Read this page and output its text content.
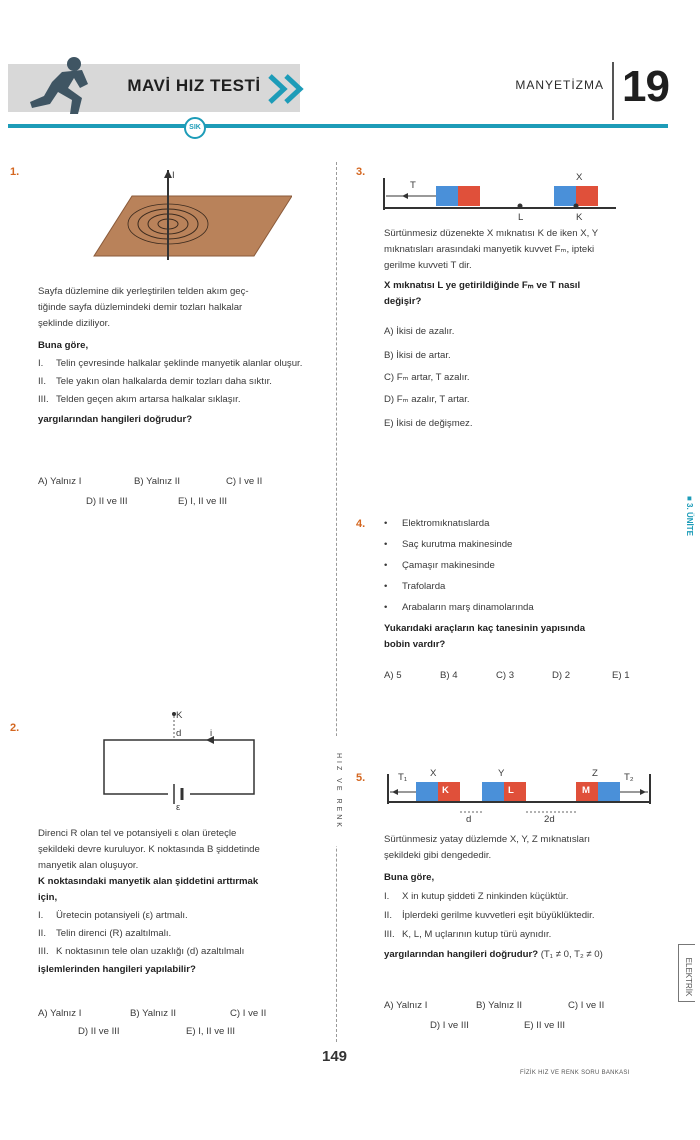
MAVİ HIZ TESTİ
SIK
MANYETİZMA 19
HIZ VE RENK
1.	I

Sayfa düzlemine dik yerleştirilen telden akım geç-

tiğinde sayfa düzlemindeki demir tozları halkalar

şeklinde diziliyor.

Buna göre,

I.	Telin çevresinde halkalar şeklinde manyetik alanlar oluşur.
II.	Tele yakın olan halkalarda demir tozları daha sıktır.
III. Telden geçen akım artarsa halkalar sıklaşır.

yargılarından hangileri doğrudur?

A) Yalnız I	B) Yalnız II	C) I ve II
D) II ve III	E) I, II ve III
2.
K
d	i
ε

Direnci R olan tel ve potansiyeli ε olan üreteçle

şekildeki devre kuruluyor. K noktasında B şiddetinde

manyetik alan oluşuyor.

K noktasındaki manyetik alan şiddetini arttırmak

için,

I.	Üretecin potansiyeli (ε) artmalı.
II.	Telin direnci (R) azaltılmalı.
III. K noktasının tele olan uzaklığı (d) azaltılmalı

işlemlerinden hangileri yapılabilir?

A) Yalnız I	B) Yalnız II	C) I ve II
D) II ve III	E) I, II ve III
3.
T
X
L	K

Sürtünmesiz düzenekte X mıknatısı K de iken X, Y

mıknatısları arasındaki manyetik kuvvet Fₘ, ipteki

gerilme kuvveti T dir.

X mıknatısı L ye getirildiğinde Fₘ ve T nasıl

değişir?

A) İkisi de azalır.
B) İkisi de artar.
C) Fₘ artar, T azalır.
D) Fₘ azalır, T artar.
E) İkisi de değişmez.
4. •	Elektromıknatıslarda
•	Saç kurutma makinesinde
•	Çamaşır makinesinde
•	Trafolarda
•	Arabaların marş dinamolarında

Yukarıdaki araçların kaç tanesinin yapısında

bobin vardır?

A) 5	B) 4	C) 3	D) 2	E) 1
5.	T₁ X	Y	Z	T₂
K	L	M
d	2d

Sürtünmesiz yatay düzlemde X, Y, Z mıknatısları

şekildeki gibi dengededir.

Buna göre,

I.	X in kutup şiddeti Z ninkinden küçüktür.
II.	İplerdeki gerilme kuvvetleri eşit büyüklüktedir.
III. K, L, M uçlarının kutup türü aynıdır.

yargılarından hangileri doğrudur? (T₁ ≠ 0, T₂ ≠ 0)

A) Yalnız I	B) Yalnız II	C) I ve II
D) I ve III	E) II ve III
■ 3. ÜNİTE
ELEKTRİK
149
FİZİK HIZ VE RENK SORU BANKASI
